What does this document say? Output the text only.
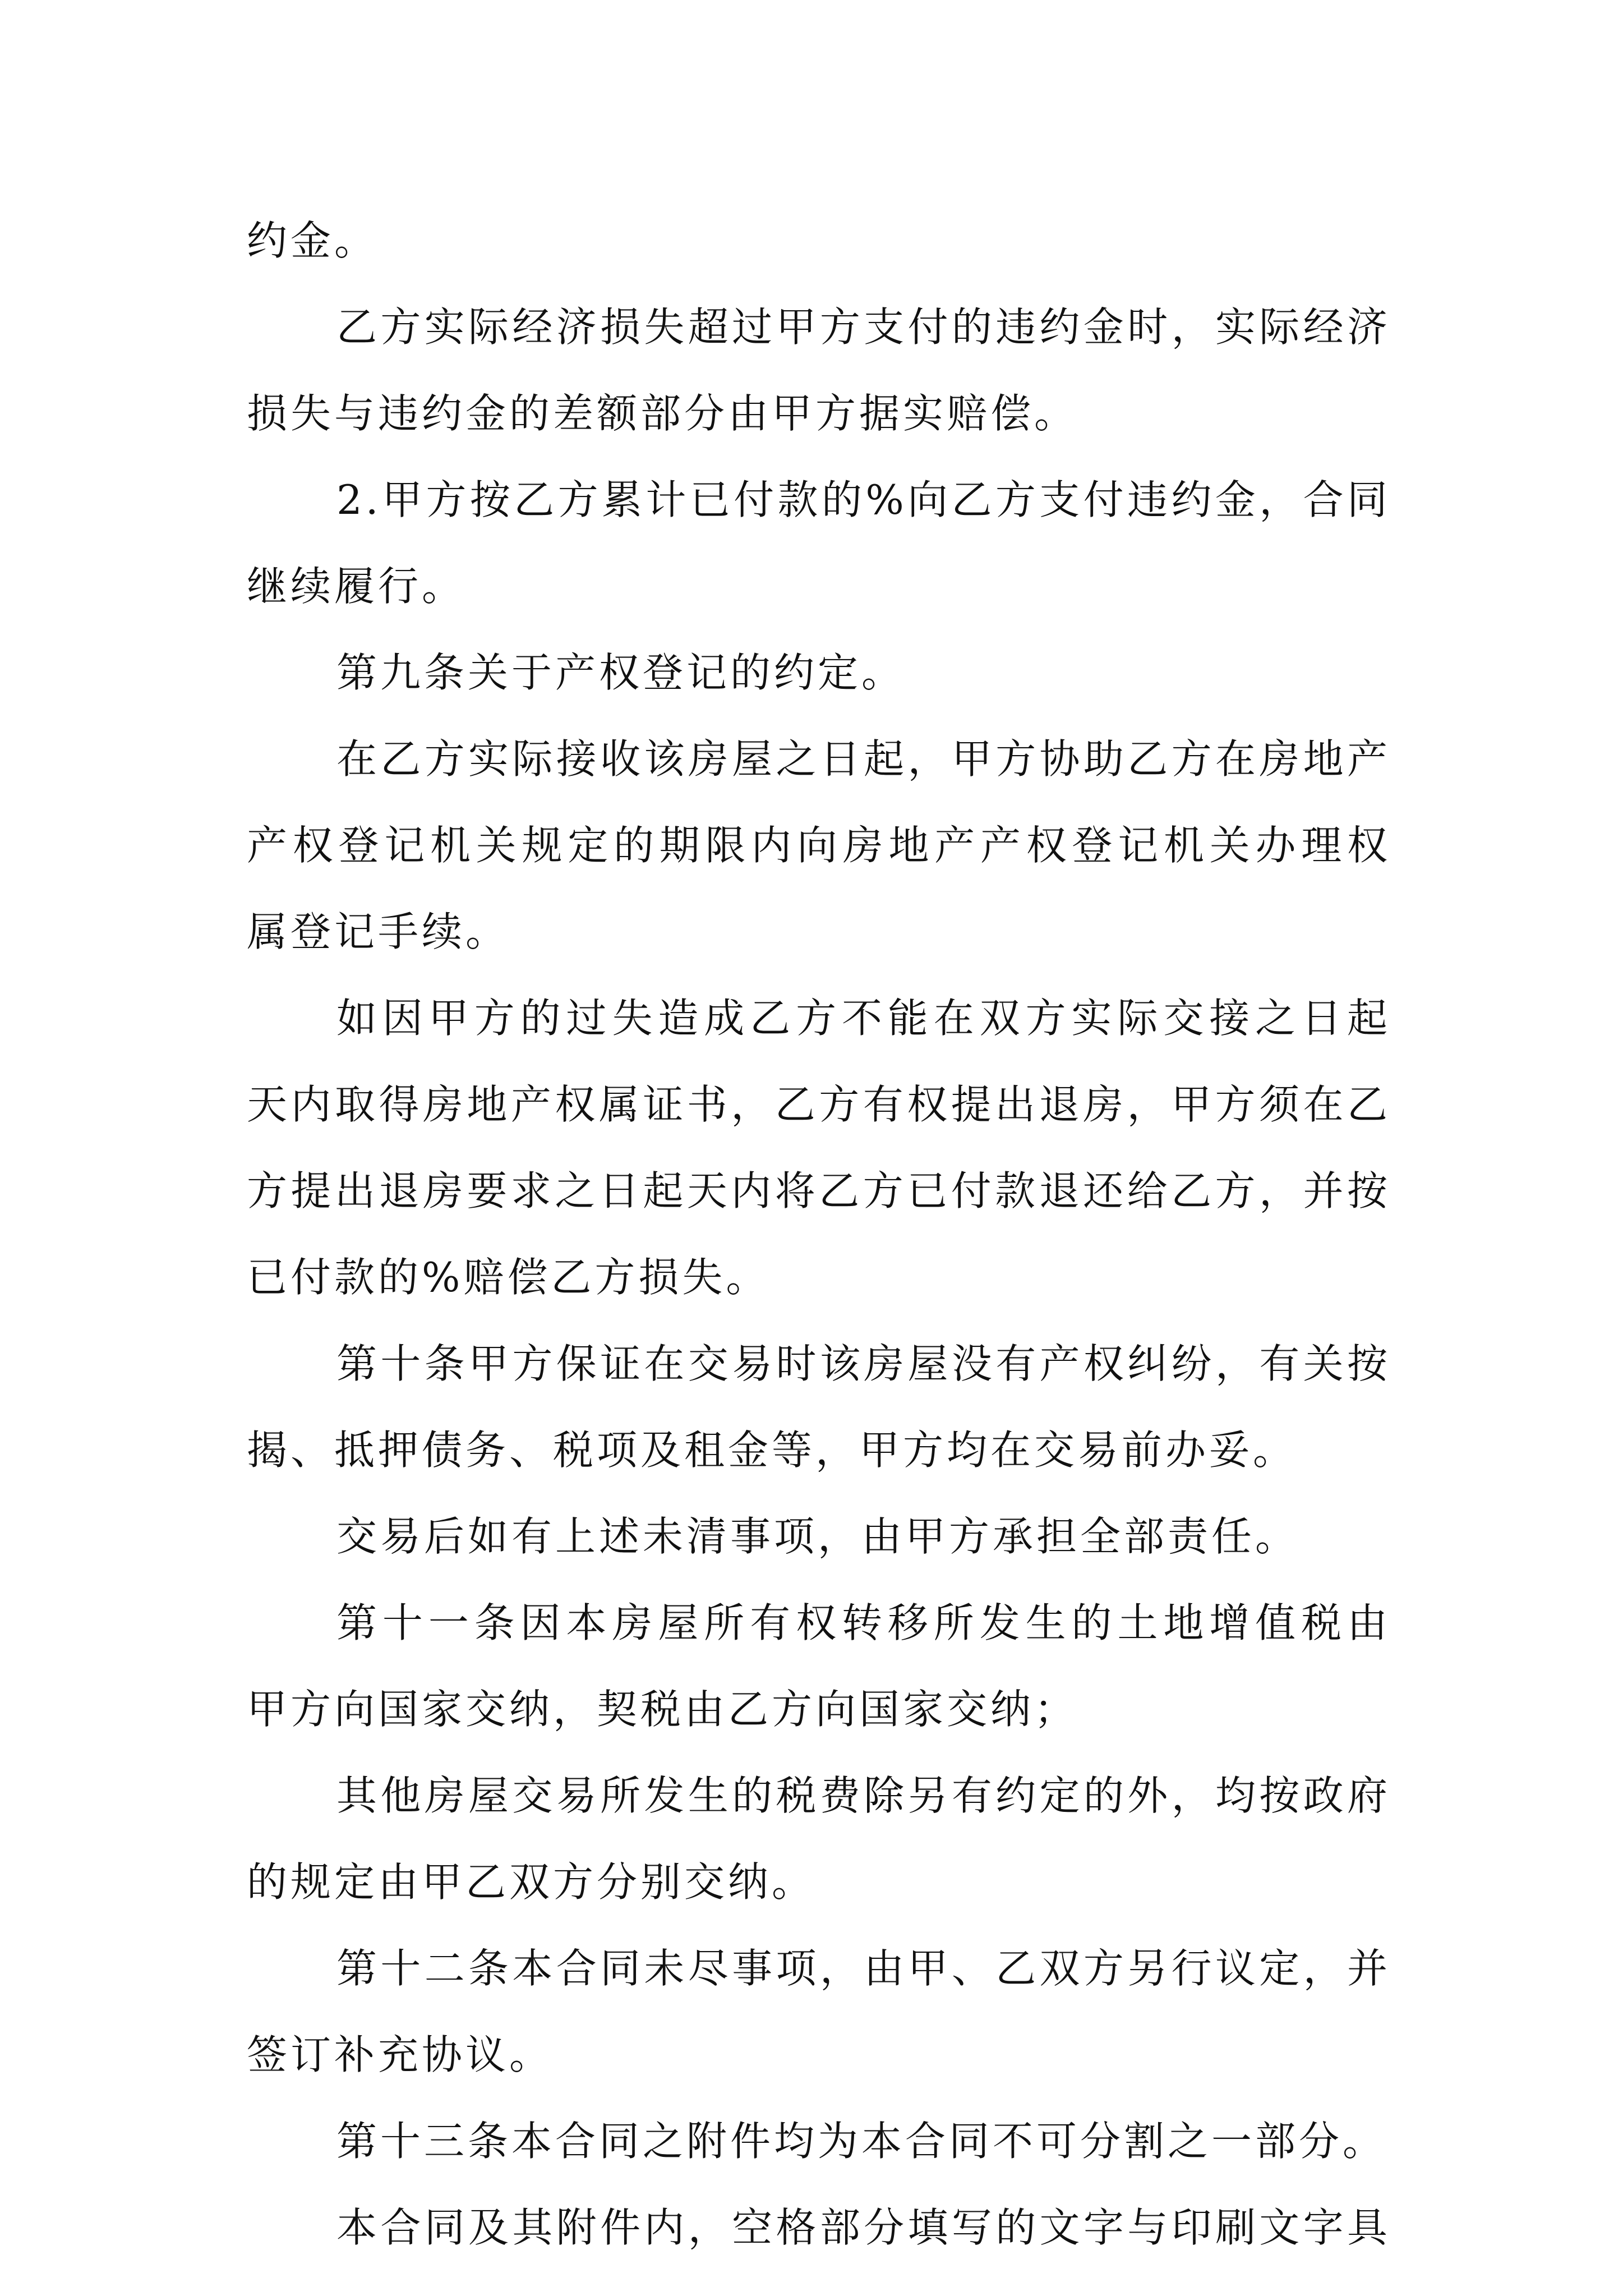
约金。
乙方实际经济损失超过甲方支付的违约金时，实际经济
损失与违约金的差额部分由甲方据实赔偿。
2.甲方按乙方累计已付款的%向乙方支付违约金，合同
继续履行。
第九条关于产权登记的约定。
在乙方实际接收该房屋之日起，甲方协助乙方在房地产
产权登记机关规定的期限内向房地产产权登记机关办理权
属登记手续。
如因甲方的过失造成乙方不能在双方实际交接之日起
天内取得房地产权属证书，乙方有权提出退房，甲方须在乙
方提出退房要求之日起天内将乙方已付款退还给乙方，并按
已付款的%赔偿乙方损失。
第十条甲方保证在交易时该房屋没有产权纠纷，有关按
揭、抵押债务、税项及租金等，甲方均在交易前办妥。
交易后如有上述未清事项，由甲方承担全部责任。
第十一条因本房屋所有权转移所发生的土地增值税由
甲方向国家交纳，契税由乙方向国家交纳；
其他房屋交易所发生的税费除另有约定的外，均按政府
的规定由甲乙双方分别交纳。
第十二条本合同未尽事项，由甲、乙双方另行议定，并
签订补充协议。
第十三条本合同之附件均为本合同不可分割之一部分。
本合同及其附件内，空格部分填写的文字与印刷文字具
